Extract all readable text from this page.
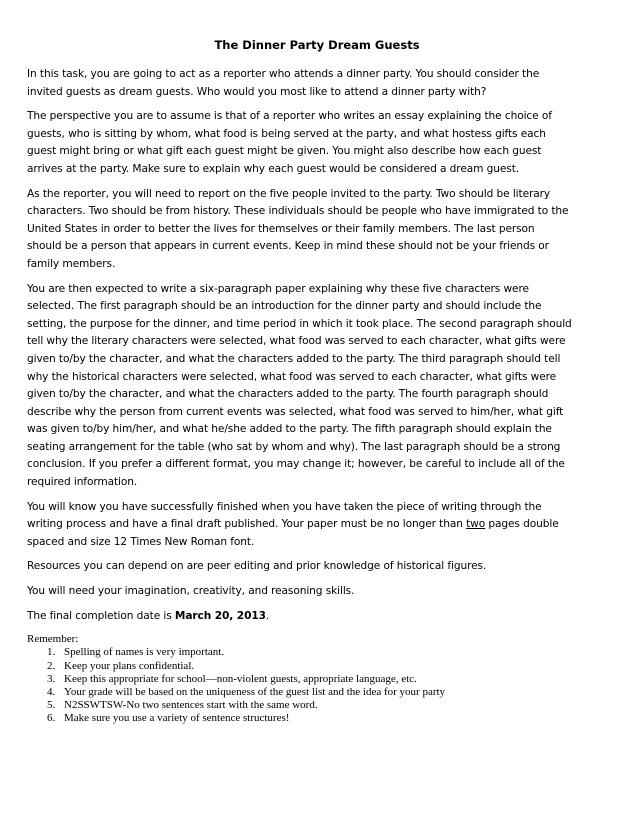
The Dinner Party Dream Guests
In this task, you are going to act as a reporter who attends a dinner party. You should consider the
invited guests as dream guests. Who would you most like to attend a dinner party with?
The perspective you are to assume is that of a reporter who writes an essay explaining the choice of
guests, who is sitting by whom, what food is being served at the party, and what hostess gifts each
guest might bring or what gift each guest might be given. You might also describe how each guest
arrives at the party. Make sure to explain why each guest would be considered a dream guest.
As the reporter, you will need to report on the five people invited to the party. Two should be literary
characters. Two should be from history. These individuals should be people who have immigrated to the
United States in order to better the lives for themselves or their family members. The last person
should be a person that appears in current events. Keep in mind these should not be your friends or
family members.
You are then expected to write a six-paragraph paper explaining why these five characters were
selected. The first paragraph should be an introduction for the dinner party and should include the
setting, the purpose for the dinner, and time period in which it took place. The second paragraph should
tell why the literary characters were selected, what food was served to each character, what gifts were
given to/by the character, and what the characters added to the party. The third paragraph should tell
why the historical characters were selected, what food was served to each character, what gifts were
given to/by the character, and what the characters added to the party. The fourth paragraph should
describe why the person from current events was selected, what food was served to him/her, what gift
was given to/by him/her, and what he/she added to the party. The fifth paragraph should explain the
seating arrangement for the table (who sat by whom and why). The last paragraph should be a strong
conclusion. If you prefer a different format, you may change it; however, be careful to include all of the
required information.
You will know you have successfully finished when you have taken the piece of writing through the
writing process and have a final draft published. Your paper must be no longer than two pages double
spaced and size 12 Times New Roman font.
Resources you can depend on are peer editing and prior knowledge of historical figures.
You will need your imagination, creativity, and reasoning skills.
The final completion date is March 20, 2013.
Remember:
1. Spelling of names is very important.
2. Keep your plans confidential.
3. Keep this appropriate for school—non-violent guests, appropriate language, etc.
4. Your grade will be based on the uniqueness of the guest list and the idea for your party
5. N2SSWTSW-No two sentences start with the same word.
6. Make sure you use a variety of sentence structures!
